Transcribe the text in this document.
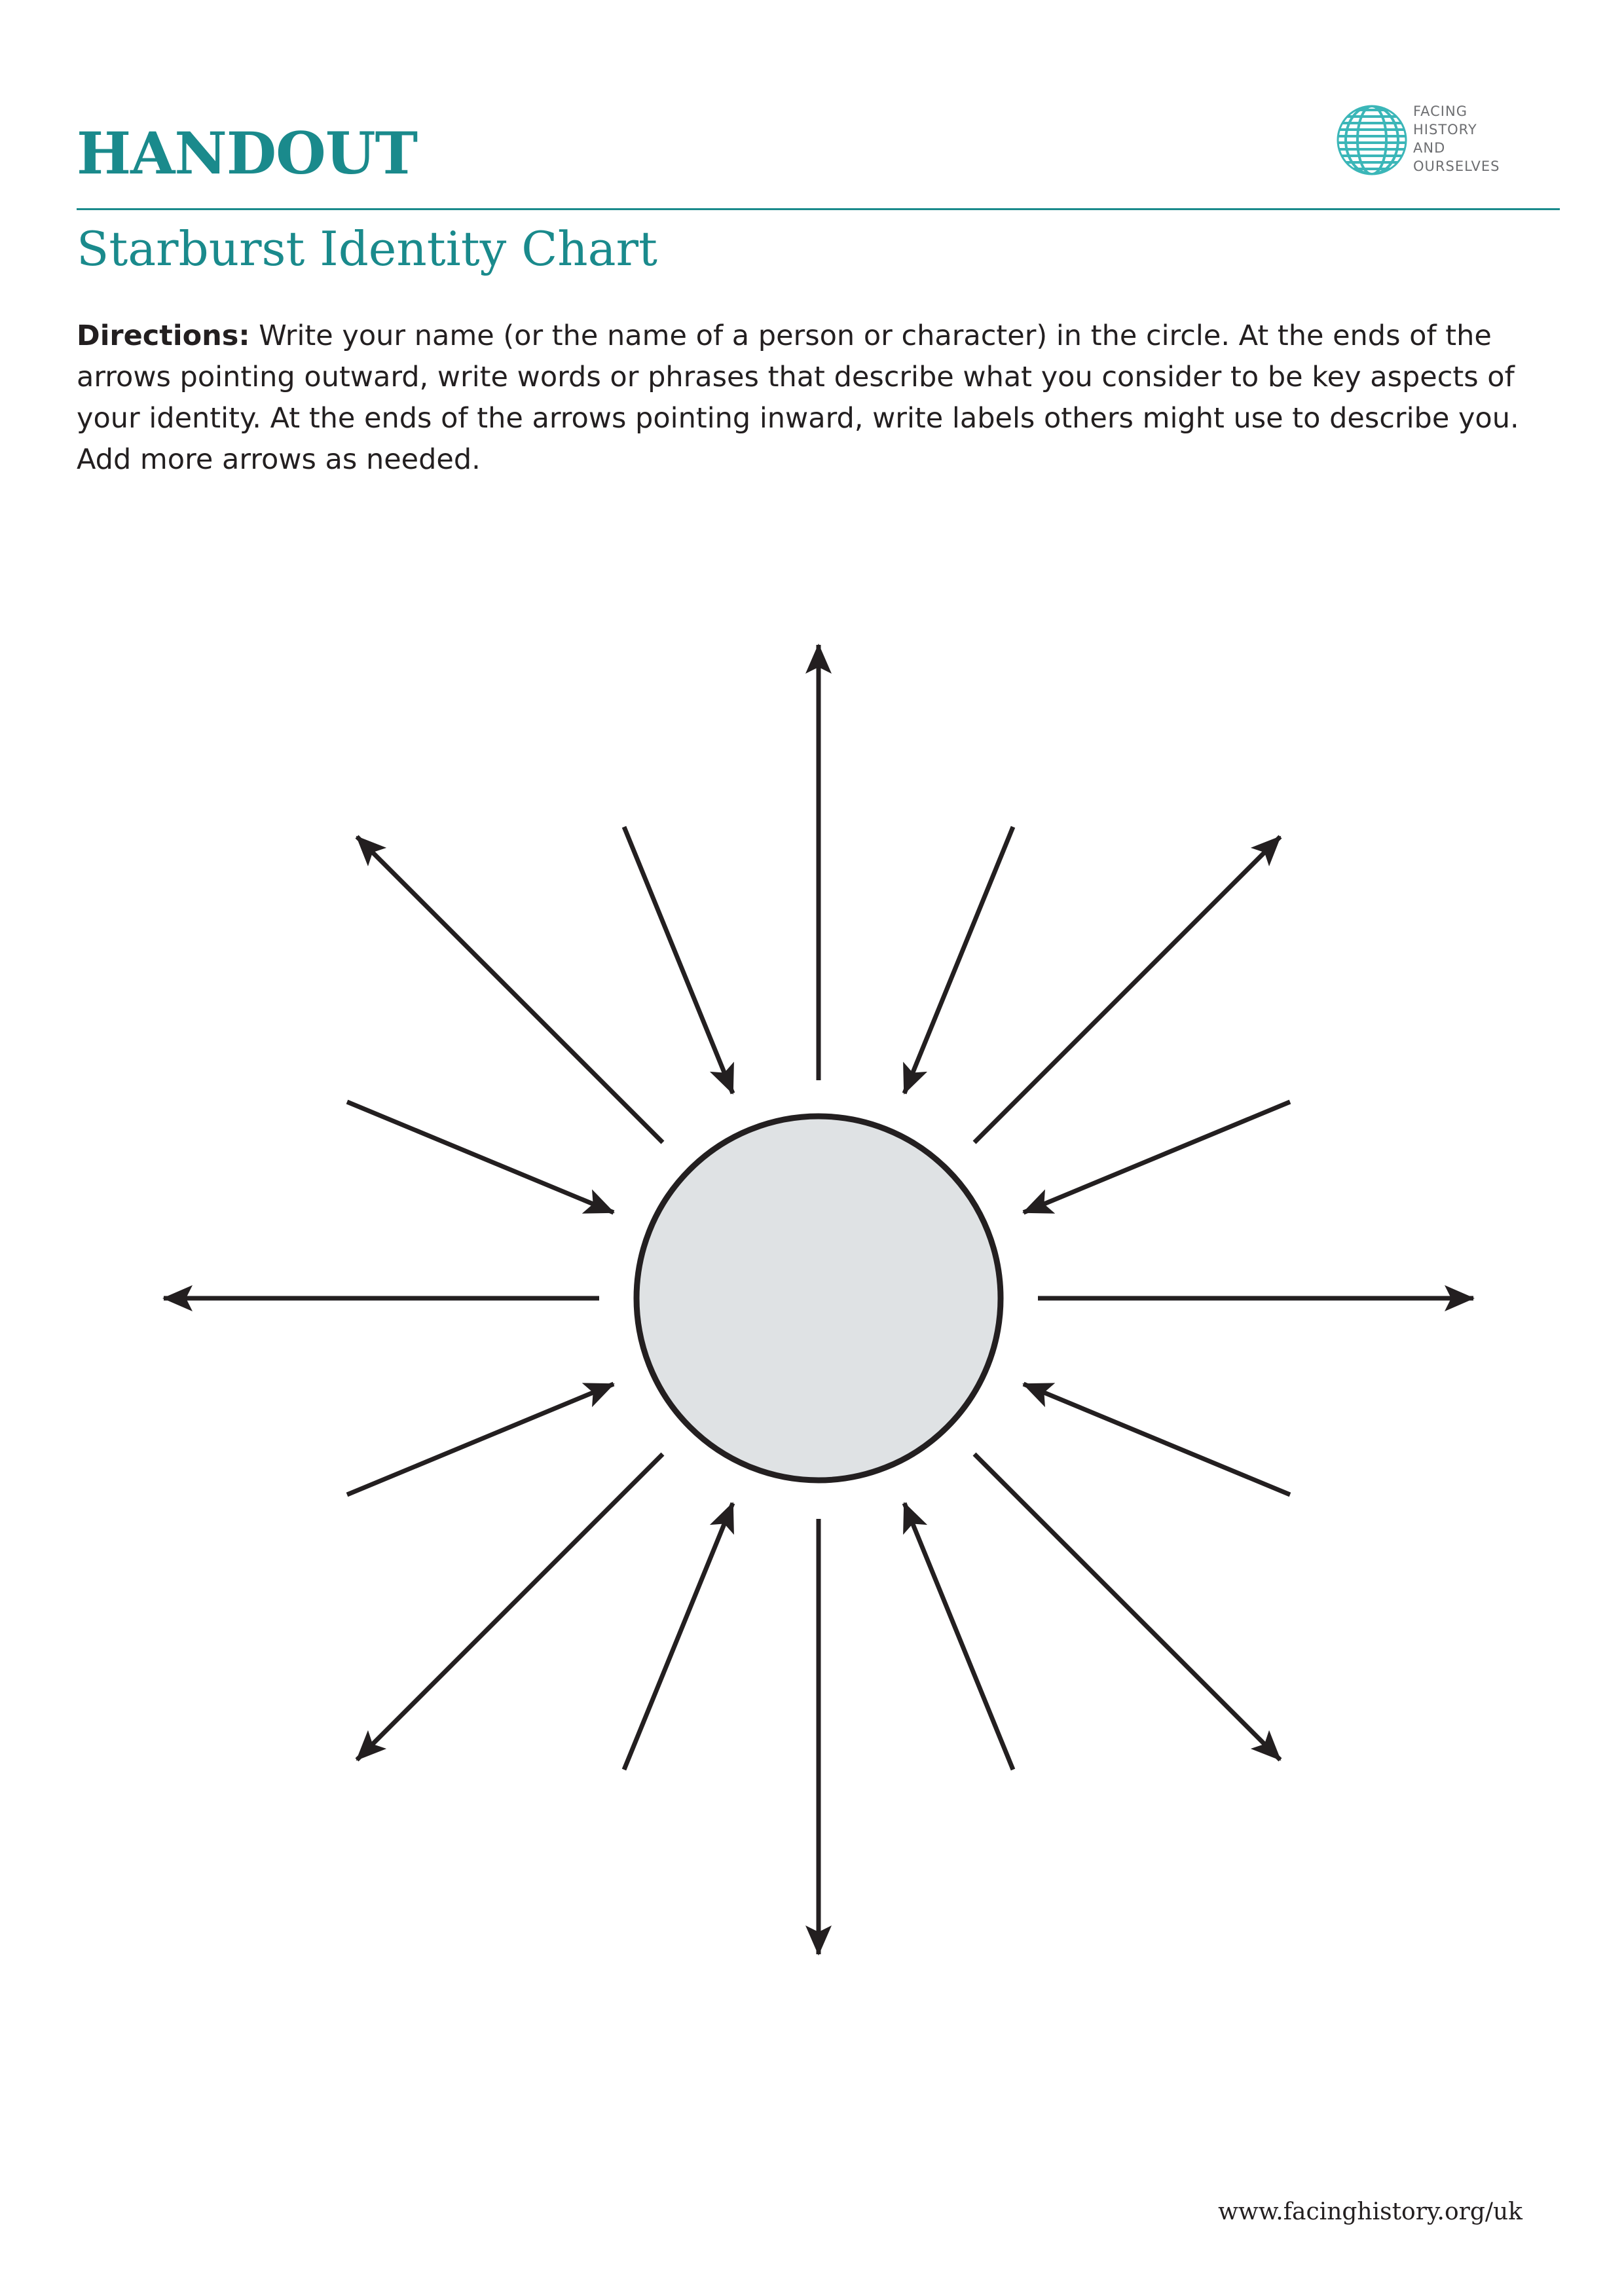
HANDOUT
FACING
HISTORY
AND
OURSELVES
Starburst Identity Chart

Directions: Write your name (or the name of a person or character) in the circle. At the ends of the arrows pointing outward, write words or phrases that describe what you consider to be key aspects of your identity. At the ends of the arrows pointing inward, write labels others might use to describe you. Add more arrows as needed.

www.facinghistory.org/uk
